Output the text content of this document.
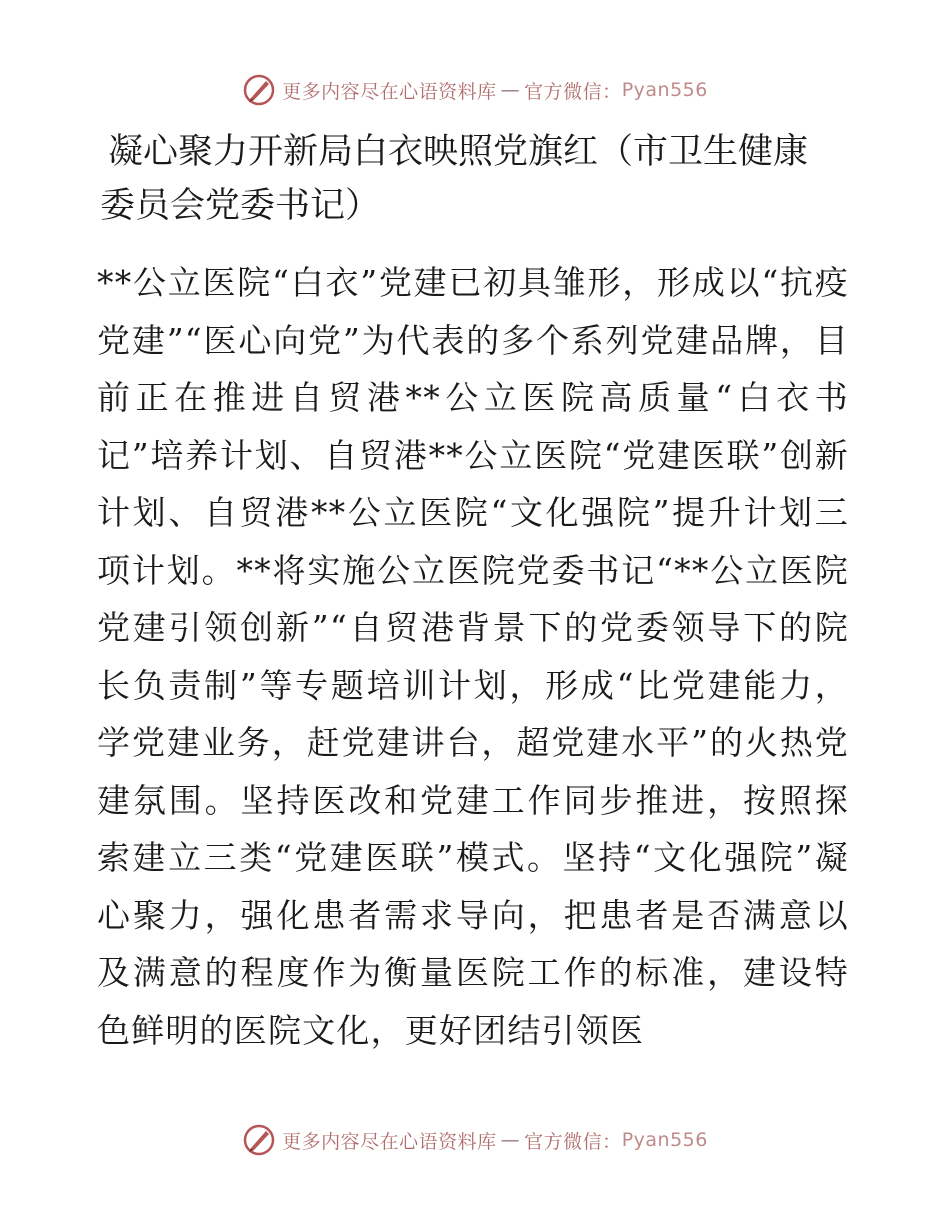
更多内容尽在心语资料库 — 官方微信： Pyan556
凝心聚力开新局白衣映照党旗红（市卫生健康委员会党委书记）

**公立医院“白衣”党建已初具雏形，形成以“抗疫党建”“医心向党”为代表的多个系列党建品牌，目前正在推进自贸港**公立医院高质量“白衣书记”培养计划、自贸港**公立医院“党建医联”创新计划、自贸港**公立医院“文化强院”提升计划三项计划。**将实施公立医院党委书记“**公立医院党建引领创新”“自贸港背景下的党委领导下的院长负责制”等专题培训计划，形成“比党建能力，学党建业务，赶党建讲台，超党建水平”的火热党建氛围。坚持医改和党建工作同步推进，按照探索建立三类“党建医联”模式。坚持“文化强院”凝心聚力，强化患者需求导向，把患者是否满意以及满意的程度作为衡量医院工作的标准，建设特色鲜明的医院文化，更好团结引领医

更多内容尽在心语资料库 — 官方微信： Pyan556
